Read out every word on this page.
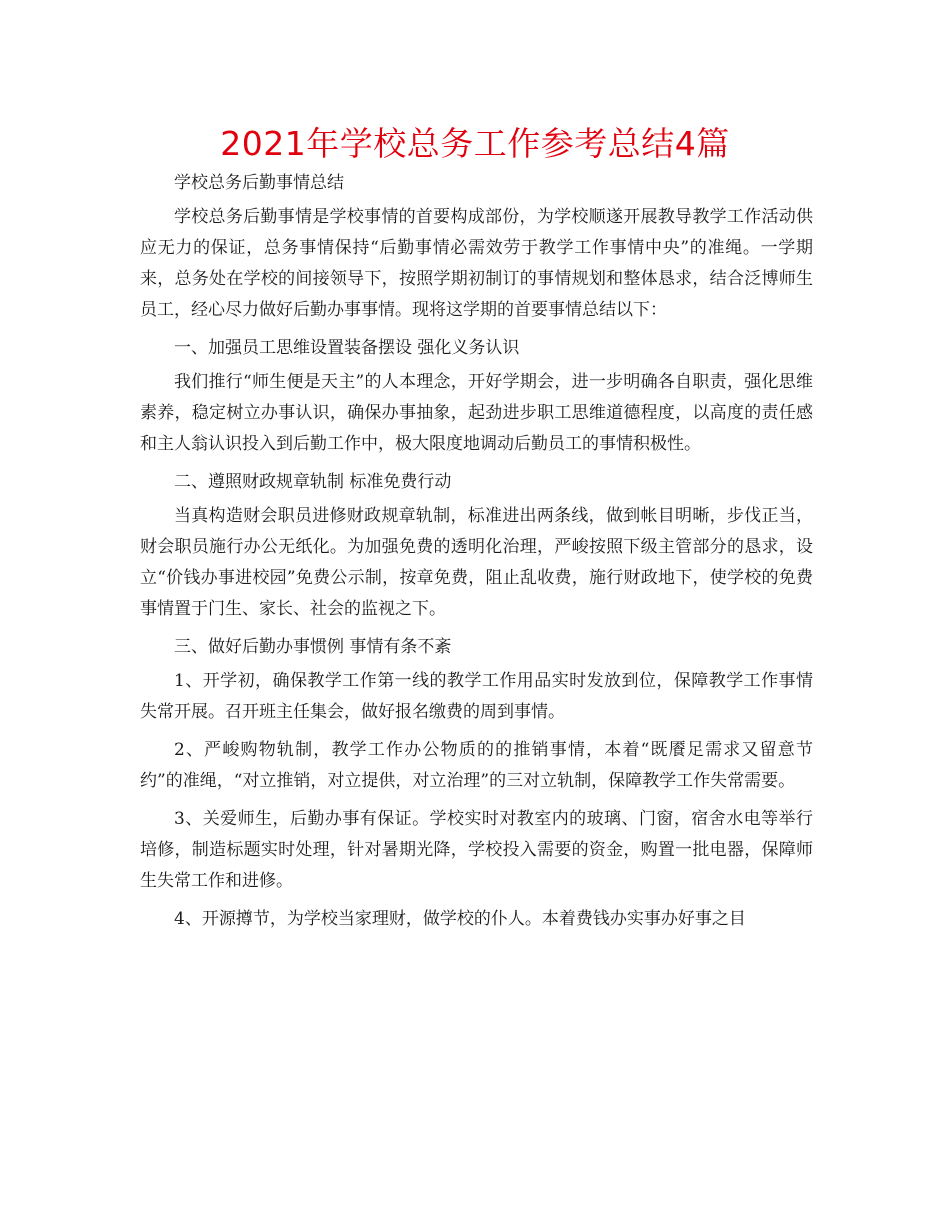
2021年学校总务工作参考总结4篇

学校总务后勤事情总结

学校总务后勤事情是学校事情的首要构成部份，为学校顺遂开展教导教学工作活动供应无力的保证，总务事情保持“后勤事情必需效劳于教学工作事情中央”的准绳。一学期来，总务处在学校的间接领导下，按照学期初制订的事情规划和整体恳求，结合泛博师生员工，经心尽力做好后勤办事事情。现将这学期的首要事情总结以下：

一、加强员工思维设置装备摆设 强化义务认识

我们推行“师生便是天主”的人本理念，开好学期会，进一步明确各自职责，强化思维素养，稳定树立办事认识，确保办事抽象，起劲进步职工思维道德程度，以高度的责任感和主人翁认识投入到后勤工作中，极大限度地调动后勤员工的事情积极性。

二、遵照财政规章轨制 标准免费行动

当真构造财会职员进修财政规章轨制，标准进出两条线，做到帐目明晰，步伐正当，财会职员施行办公无纸化。为加强免费的透明化治理，严峻按照下级主管部分的恳求，设立“价钱办事进校园”免费公示制，按章免费，阻止乱收费，施行财政地下，使学校的免费事情置于门生、家长、社会的监视之下。

三、做好后勤办事惯例 事情有条不紊

1、开学初，确保教学工作第一线的教学工作用品实时发放到位，保障教学工作事情失常开展。召开班主任集会，做好报名缴费的周到事情。

2、严峻购物轨制，教学工作办公物质的的推销事情，本着“既餍足需求又留意节约”的准绳，“对立推销，对立提供，对立治理”的三对立轨制，保障教学工作失常需要。

3、关爱师生，后勤办事有保证。学校实时对教室内的玻璃、门窗，宿舍水电等举行培修，制造标题实时处理，针对暑期光降，学校投入需要的资金，购置一批电器，保障师生失常工作和进修。

4、开源撙节，为学校当家理财，做学校的仆人。本着费钱办实事办好事之目
